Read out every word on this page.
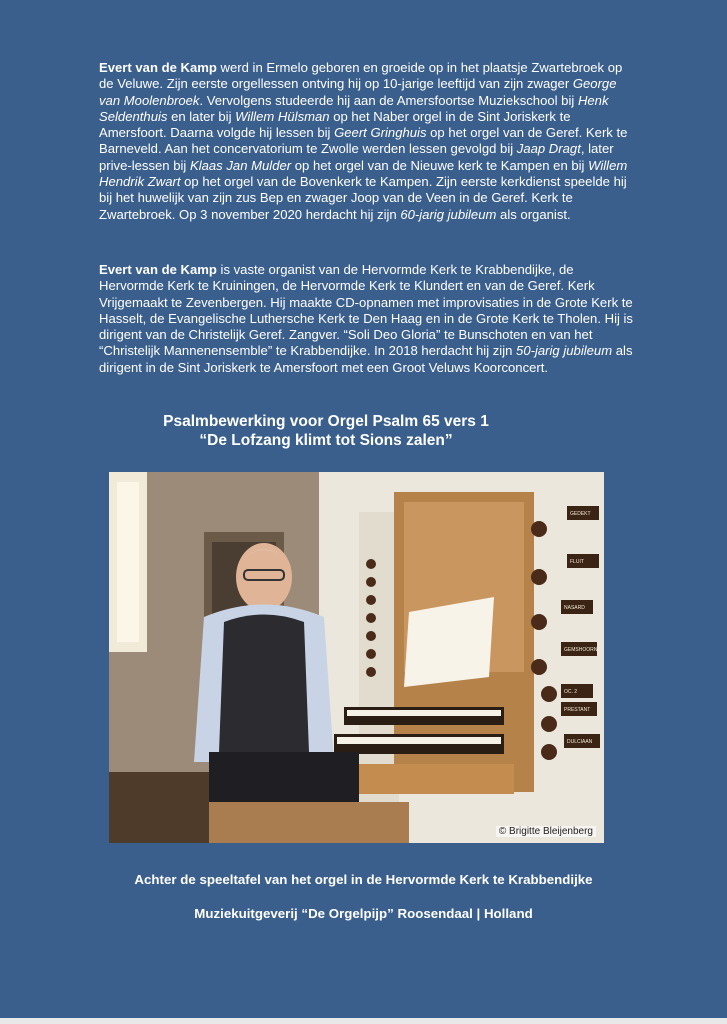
Evert van de Kamp werd in Ermelo geboren en groeide op in het plaatsje Zwartebroek op de Veluwe. Zijn eerste orgellessen ontving hij op 10-jarige leeftijd van zijn zwager George van Moolenbroek. Vervolgens studeerde hij aan de Amersfoortse Muziekschool bij Henk Seldenthuis en later bij Willem Hülsman op het Naber orgel in de Sint Joriskerk te Amersfoort. Daarna volgde hij lessen bij Geert Gringhuis op het orgel van de Geref. Kerk te Barneveld. Aan het concervatorium te Zwolle werden lessen gevolgd bij Jaap Dragt, later prive-lessen bij Klaas Jan Mulder op het orgel van de Nieuwe kerk te Kampen en bij Willem Hendrik Zwart op het orgel van de Bovenkerk te Kampen. Zijn eerste kerkdienst speelde hij bij het huwelijk van zijn zus Bep en zwager Joop van de Veen in de Geref. Kerk te Zwartebroek. Op 3 november 2020 herdacht hij zijn 60-jarig jubileum als organist.
Evert van de Kamp is vaste organist van de Hervormde Kerk te Krabbendijke, de Hervormde Kerk te Kruiningen, de Hervormde Kerk te Klundert en van de Geref. Kerk Vrijgemaakt te Zevenbergen. Hij maakte CD-opnamen met improvisaties in de Grote Kerk te Hasselt, de Evangelische Luthersche Kerk te Den Haag en in de Grote Kerk te Tholen. Hij is dirigent van de Christelijk Geref. Zangver. “Soli Deo Gloria” te Bunschoten en van het “Christelijk Mannenensemble” te Krabbendijke. In 2018 herdacht hij zijn 50-jarig jubileum als dirigent in de Sint Joriskerk te Amersfoort met een Groot Veluws Koorconcert.
Psalmbewerking voor Orgel Psalm 65 vers 1
“De Lofzang klimt tot Sions zalen”
GEDEKT
FLUIT
NASARD
GEMSHOORN
OC. 2
PRESTANT
DULCIAAN
© Brigitte Bleijenberg
Achter de speeltafel van het orgel in de Hervormde Kerk te Krabbendijke
Muziekuitgeverij “De Orgelpijp” Roosendaal | Holland
